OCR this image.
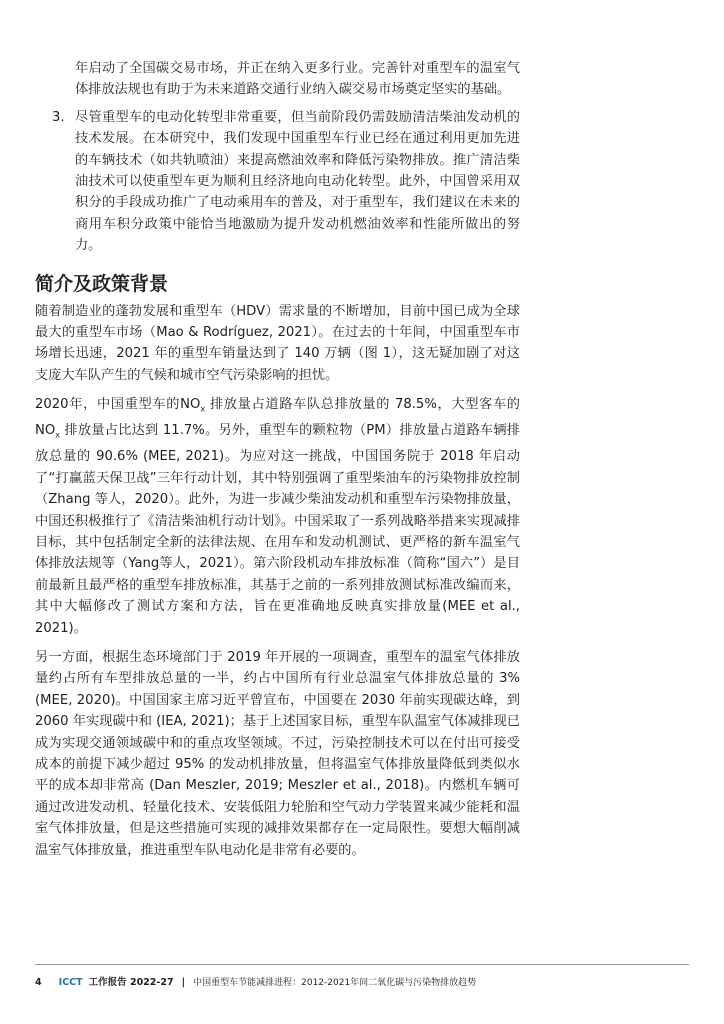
年启动了全国碳交易市场，并正在纳入更多行业。完善针对重型车的温室气体排放法规也有助于为未来道路交通行业纳入碳交易市场奠定坚实的基础。

3. 尽管重型车的电动化转型非常重要，但当前阶段仍需鼓励清洁柴油发动机的技术发展。在本研究中，我们发现中国重型车行业已经在通过利用更加先进的车辆技术（如共轨喷油）来提高燃油效率和降低污染物排放。推广清洁柴油技术可以使重型车更为顺利且经济地向电动化转型。此外，中国曾采用双积分的手段成功推广了电动乘用车的普及，对于重型车，我们建议在未来的商用车积分政策中能恰当地激励为提升发动机燃油效率和性能所做出的努力。
简介及政策背景

随着制造业的蓬勃发展和重型车（HDV）需求量的不断增加，目前中国已成为全球最大的重型车市场（Mao & Rodríguez, 2021）。在过去的十年间，中国重型车市场增长迅速，2021 年的重型车销量达到了 140 万辆（图 1），这无疑加剧了对这支庞大车队产生的气候和城市空气污染影响的担忧。

2020年，中国重型车的$NO_x$ 排放量占道路车队总排放量的 78.5%，大型客车的$NO_x$ 排放量占比达到 11.7%。另外，重型车的颗粒物（PM）排放量占道路车辆排放总量的 90.6% (MEE, 2021)。为应对这一挑战，中国国务院于 2018 年启动了“打赢蓝天保卫战”三年行动计划，其中特别强调了重型柴油车的污染物排放控制（Zhang 等人，2020）。此外，为进一步减少柴油发动机和重型车污染物排放量，中国还积极推行了《清洁柴油机行动计划》。中国采取了一系列战略举措来实现减排目标，其中包括制定全新的法律法规、在用车和发动机测试、更严格的新车温室气体排放法规等（Yang等人，2021）。第六阶段机动车排放标准（简称“国六”）是目前最新且最严格的重型车排放标准，其基于之前的一系列排放测试标准改编而来，其中大幅修改了测试方案和方法，旨在更准确地反映真实排放量(MEE et al., 2021)。

另一方面，根据生态环境部门于 2019 年开展的一项调查，重型车的温室气体排放量约占所有车型排放总量的一半，约占中国所有行业总温室气体排放总量的 3% (MEE, 2020)。中国国家主席习近平曾宣布，中国要在 2030 年前实现碳达峰，到 2060 年实现碳中和 (IEA, 2021)；基于上述国家目标，重型车队温室气体减排现已成为实现交通领域碳中和的重点攻坚领域。不过，污染控制技术可以在付出可接受成本的前提下减少超过 95% 的发动机排放量，但将温室气体排放量降低到类似水平的成本却非常高 (Dan Meszler, 2019; Meszler et al., 2018)。内燃机车辆可通过改进发动机、轻量化技术、安装低阻力轮胎和空气动力学装置来减少能耗和温室气体排放量，但是这些措施可实现的减排效果都存在一定局限性。要想大幅削减温室气体排放量，推进重型车队电动化是非常有必要的。

4 ICCT 工作报告 2022-27 | 中国重型车节能减排进程：2012-2021年间二氧化碳与污染物排放趋势
